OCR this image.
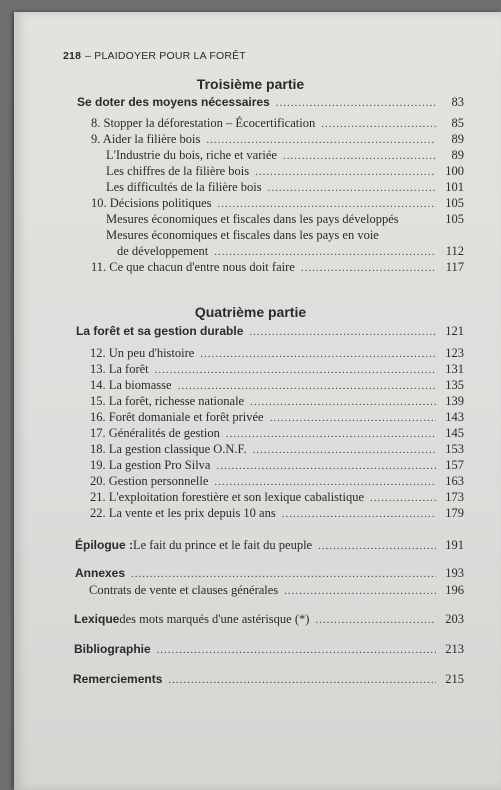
218 – PLAIDOYER POUR LA FORÊT
Troisième partie
Se doter des moyens nécessaires .....	83
8. Stopper la déforestation – Écocertification .....	85
9. Aider la filière bois .....	89
L'Industrie du bois, riche et variée .....	89
Les chiffres de la filière bois .....	100
Les difficultés de la filière bois .....	101
10. Décisions politiques .....	105
Mesures économiques et fiscales dans les pays développés	105
Mesures économiques et fiscales dans les pays en voie
de développement .....	112
11. Ce que chacun d'entre nous doit faire .....	117
Quatrième partie
La forêt et sa gestion durable .....	121
12. Un peu d'histoire .....	123
13. La forêt .....	131
14. La biomasse .....	135
15. La forêt, richesse nationale .....	139
16. Forêt domaniale et forêt privée .....	143
17. Généralités de gestion .....	145
18. La gestion classique O.N.F. .....	153
19. La gestion Pro Silva .....	157
20. Gestion personnelle .....	163
21. L'exploitation forestière et son lexique cabalistique .....	173
22. La vente et les prix depuis 10 ans .....	179
Épilogue : Le fait du prince et le fait du peuple .....	191
Annexes .....	193
Contrats de vente et clauses générales .....	196
Lexique des mots marqués d'une astérisque (*) .....	203
Bibliographie .....	213
Remerciements .....	215
